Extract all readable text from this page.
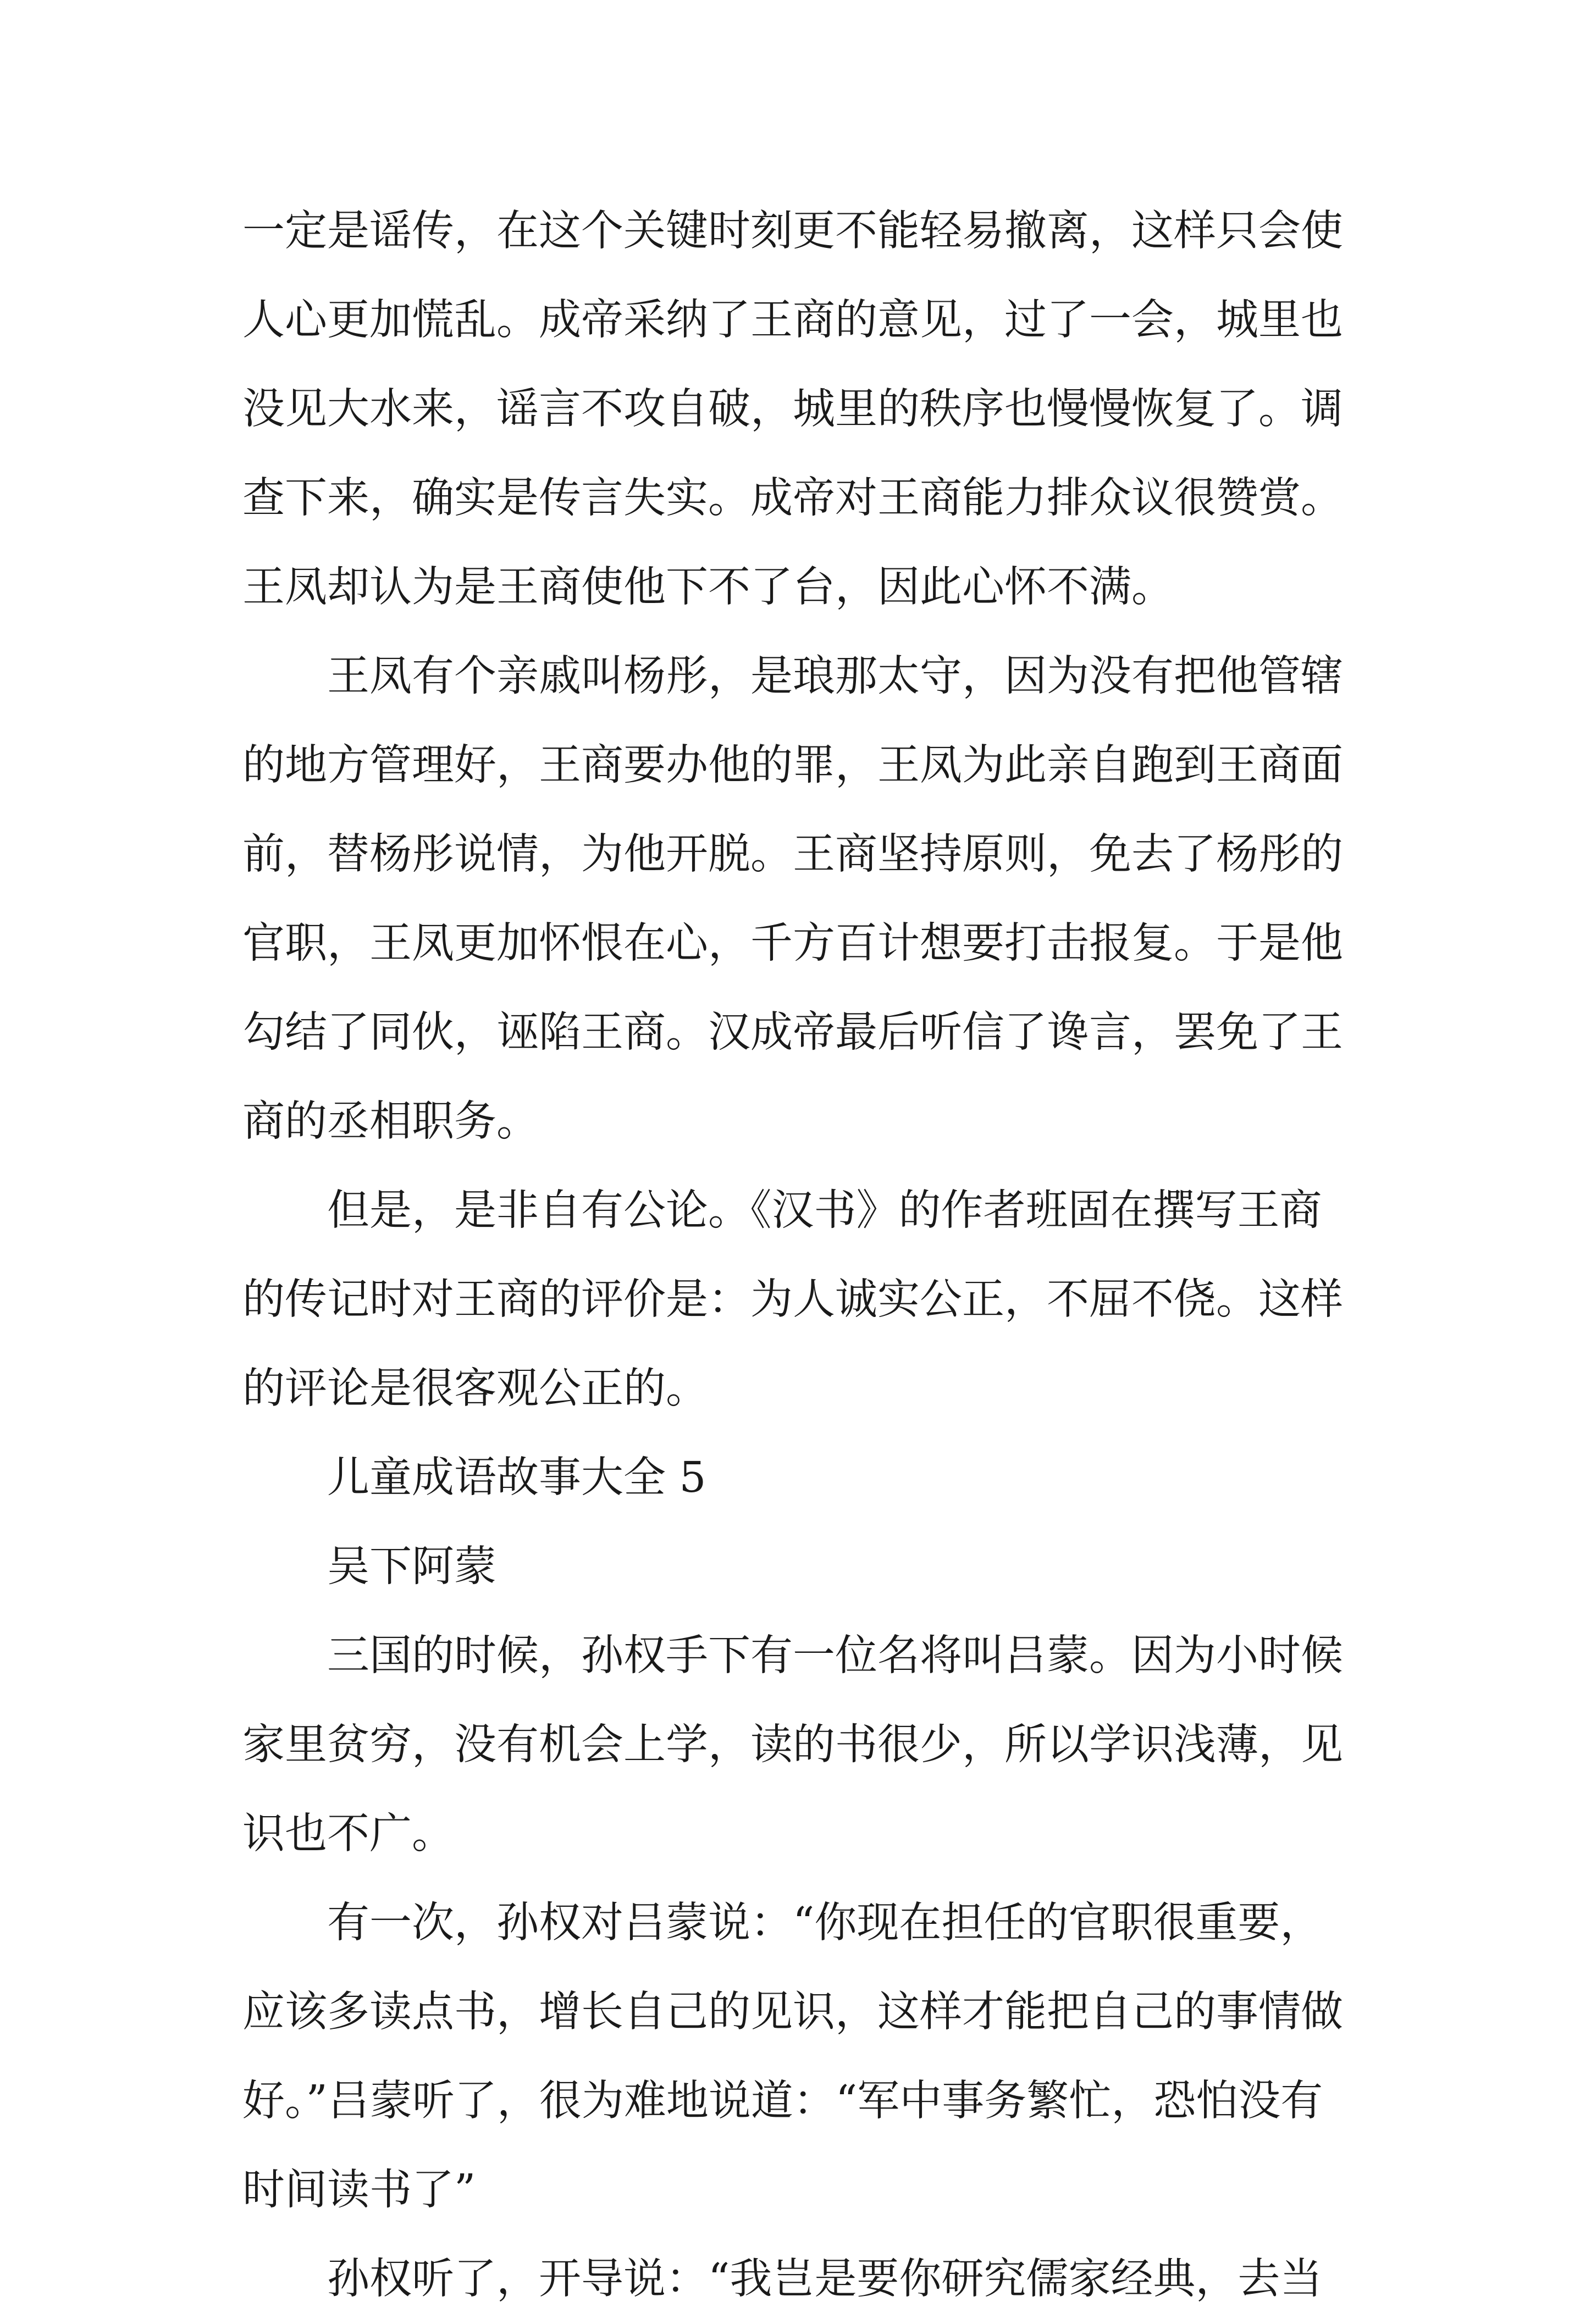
一定是谣传，在这个关键时刻更不能轻易撤离，这样只会使人心更加慌乱。成帝采纳了王商的意见，过了一会，城里也没见大水来，谣言不攻自破，城里的秩序也慢慢恢复了。调查下来，确实是传言失实。成帝对王商能力排众议很赞赏。王凤却认为是王商使他下不了台，因此心怀不满。

王凤有个亲戚叫杨彤，是琅那太守，因为没有把他管辖的地方管理好，王商要办他的罪，王凤为此亲自跑到王商面前，替杨彤说情，为他开脱。王商坚持原则，免去了杨彤的官职，王凤更加怀恨在心，千方百计想要打击报复。于是他勾结了同伙，诬陷王商。汉成帝最后听信了谗言，罢免了王商的丞相职务。

但是，是非自有公论。《汉书》的作者班固在撰写王商的传记时对王商的评价是：为人诚实公正，不屈不侥。这样的评论是很客观公正的。

儿童成语故事大全 5

吴下阿蒙

三国的时候，孙权手下有一位名将叫吕蒙。因为小时候家里贫穷，没有机会上学，读的书很少，所以学识浅薄，见识也不广。

有一次，孙权对吕蒙说：“你现在担任的官职很重要，应该多读点书，增长自己的见识，这样才能把自己的事情做好。”吕蒙听了，很为难地说道：“军中事务繁忙，恐怕没有时间读书了”

孙权听了，开导说：“我岂是要你研究儒家经典，去当
